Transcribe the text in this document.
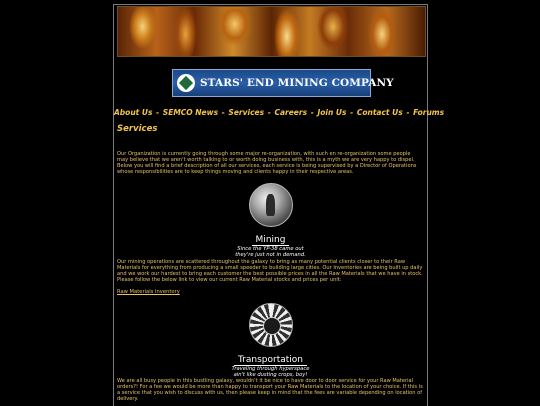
STARS' END MINING COMPANY
About Us - SEMCO News - Services - Careers - Join Us - Contact Us - Forums
Services
Our Organization is currently going through some major re-organization, with such en re-organization some people may believe that we aren't worth talking to or worth doing business with, this is a myth we are very happy to dispel. Below you will find a brief description of all our services, each service is being supervised by a Director of Operations whose responsibilities are to keep things moving and clients happy in their respective areas.
Mining
Since the YP-38 came out
they're just not in demand.
Our mining operations are scattered throughout the galaxy to bring as many potential clients closer to their Raw Materials for everything from producing a small speeder to building large cities. Our Inventories are being built up daily and we work our hardest to bring each customer the best possible prices in all the Raw Materials that we have in stock. Please follow the below link to view our current Raw Material stocks and prices per unit:
Raw Materials Inventory
Transportation
Traveling through hyperspace
ain't like dusting crops, boy!
We are all busy people in this bustling galaxy, wouldn't it be nice to have door to door service for your Raw Material orders?! For a fee we would be more than happy to transport your Raw Materials to the location of your choice. If this is a service that you wish to discuss with us, then please keep in mind that the fees are variable depending on location of delivery.
